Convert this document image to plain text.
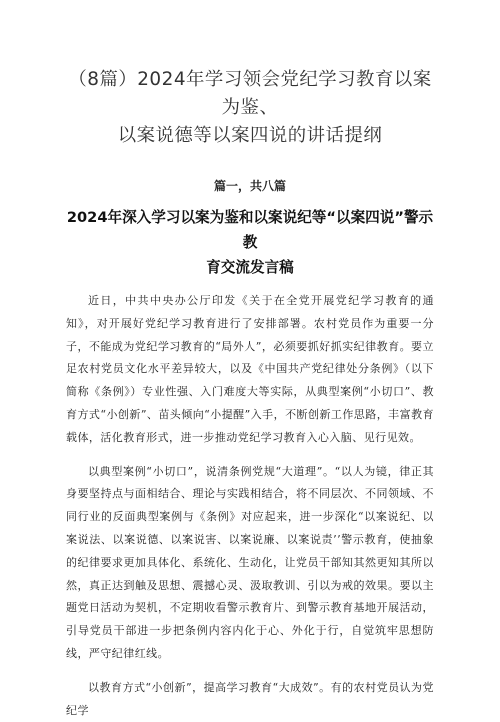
（8篇）2024年学习领会党纪学习教育以案为鉴、
以案说德等以案四说的讲话提纲

篇一，共八篇

2024年深入学习以案为鉴和以案说纪等“以案四说”警示教
育交流发言稿

近日，中共中央办公厅印发《关于在全党开展党纪学习教育的通知》，对开展好党纪学习教育进行了安排部署。农村党员作为重要一分子，不能成为党纪学习教育的“局外人”，必须要抓好抓实纪律教育。要立足农村党员文化水平差异较大，以及《中国共产党纪律处分条例》（以下简称《条例》）专业性强、入门难度大等实际，从典型案例“小切口”、教育方式“小创新”、苗头倾向“小提醒”入手，不断创新工作思路，丰富教育载体，活化教育形式，进一步推动党纪学习教育入心入脑、见行见效。

以典型案例“小切口”，说清条例党规“大道理”。“以人为镜，律正其身要坚持点与面相结合、理论与实践相结合，将不同层次、不同领域、不同行业的反面典型案例与《条例》对应起来，进一步深化“以案说纪、以案说法、以案说德、以案说害、以案说廉、以案说责’’警示教育，使抽象的纪律要求更加具体化、系统化、生动化，让党员干部知其然更知其所以然，真正达到触及思想、震撼心灵、汲取教训、引以为戒的效果。要以主题党日活动为契机，不定期收看警示教育片、到警示教育基地开展活动，引导党员干部进一步把条例内容内化于心、外化于行，自觉筑牢思想防线，严守纪律红线。

以教育方式“小创新”，提高学习教育“大成效”。有的农村党员认为党纪学
